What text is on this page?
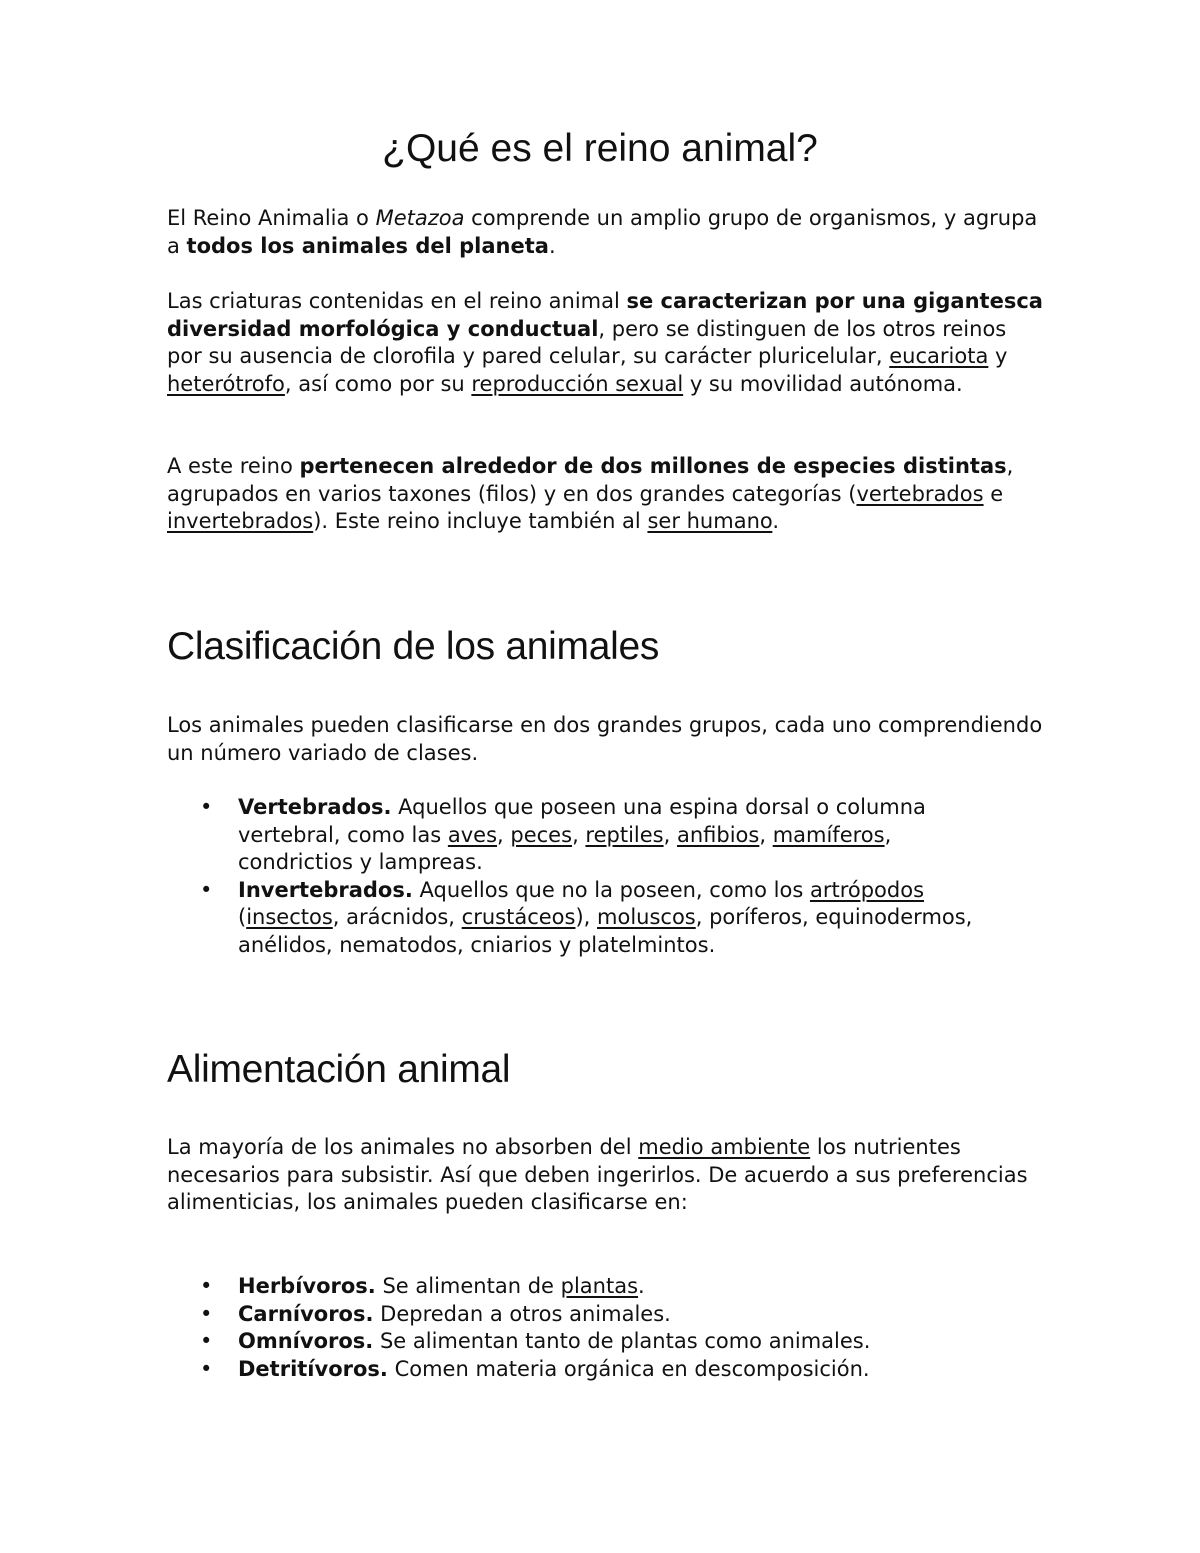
¿Qué es el reino animal?

El Reino Animalia o Metazoa comprende un amplio grupo de organismos, y agrupa a todos los animales del planeta.

Las criaturas contenidas en el reino animal se caracterizan por una gigantesca diversidad morfológica y conductual, pero se distinguen de los otros reinos por su ausencia de clorofila y pared celular, su carácter pluricelular, eucariota y heterótrofo, así como por su reproducción sexual y su movilidad autónoma.

A este reino pertenecen alrededor de dos millones de especies distintas, agrupados en varios taxones (filos) y en dos grandes categorías (vertebrados e invertebrados). Este reino incluye también al ser humano.

Clasificación de los animales

Los animales pueden clasificarse en dos grandes grupos, cada uno comprendiendo un número variado de clases.

• Vertebrados. Aquellos que poseen una espina dorsal o columna vertebral, como las aves, peces, reptiles, anfibios, mamíferos, condrictios y lampreas.
• Invertebrados. Aquellos que no la poseen, como los artrópodos (insectos, arácnidos, crustáceos), moluscos, poríferos, equinodermos, anélidos, nematodos, cniarios y platelmintos.
Alimentación animal

La mayoría de los animales no absorben del medio ambiente los nutrientes necesarios para subsistir. Así que deben ingerirlos. De acuerdo a sus preferencias alimenticias, los animales pueden clasificarse en:

• Herbívoros. Se alimentan de plantas.
• Carnívoros. Depredan a otros animales.
• Omnívoros. Se alimentan tanto de plantas como animales.
• Detritívoros. Comen materia orgánica en descomposición.
